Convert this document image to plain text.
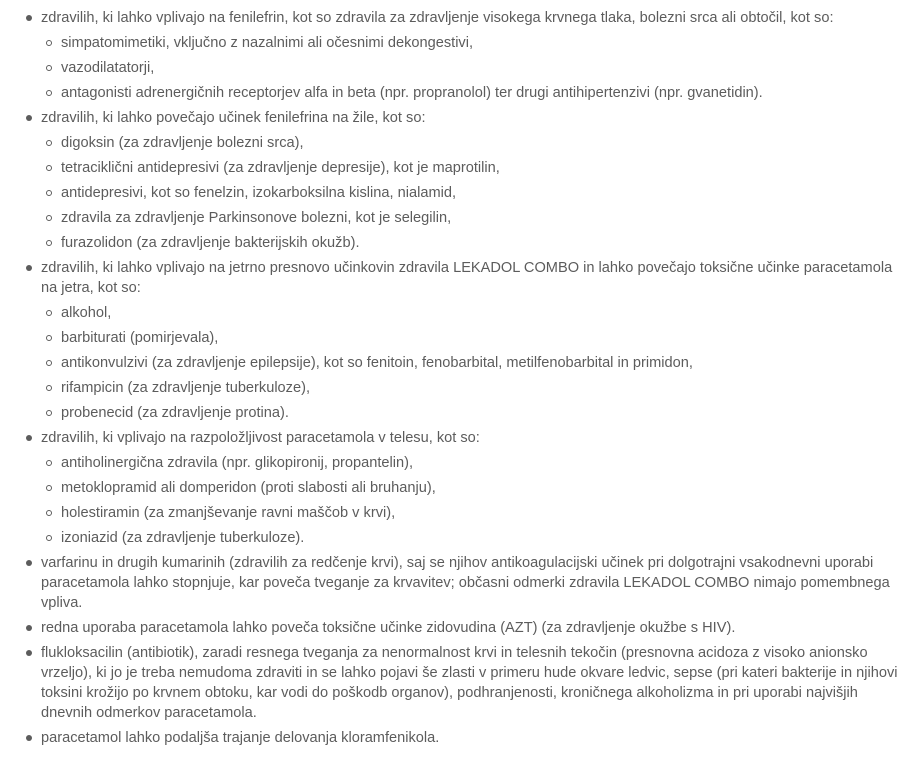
zdravilih, ki lahko vplivajo na fenilefrin, kot so zdravila za zdravljenje visokega krvnega tlaka, bolezni srca ali obtočil, kot so:
simpatomimetiki, vključno z nazalnimi ali očesnimi dekongestivi,
vazodilatatorji,
antagonisti adrenergičnih receptorjev alfa in beta (npr. propranolol) ter drugi antihipertenzivi (npr. gvanetidin).
zdravilih, ki lahko povečajo učinek fenilefrina na žile, kot so:
digoksin (za zdravljenje bolezni srca),
tetraciklični antidepresivi (za zdravljenje depresije), kot je maprotilin,
antidepresivi, kot so fenelzin, izokarboksilna kislina, nialamid,
zdravila za zdravljenje Parkinsonove bolezni, kot je selegilin,
furazolidon (za zdravljenje bakterijskih okužb).
zdravilih, ki lahko vplivajo na jetrno presnovo učinkovin zdravila LEKADOL COMBO in lahko povečajo toksične učinke paracetamola na jetra, kot so:
alkohol,
barbiturati (pomirjevala),
antikonvulzivi (za zdravljenje epilepsije), kot so fenitoin, fenobarbital, metilfenobarbital in primidon,
rifampicin (za zdravljenje tuberkuloze),
probenecid (za zdravljenje protina).
zdravilih, ki vplivajo na razpoložljivost paracetamola v telesu, kot so:
antiholinergična zdravila (npr. glikopironij, propantelin),
metoklopramid ali domperidon (proti slabosti ali bruhanju),
holestiramin (za zmanjševanje ravni maščob v krvi),
izoniazid (za zdravljenje tuberkuloze).
varfarinu in drugih kumarinih (zdravilih za redčenje krvi), saj se njihov antikoagulacijski učinek pri dolgotrajni vsakodnevni uporabi paracetamola lahko stopnjuje, kar poveča tveganje za krvavitev; občasni odmerki zdravila LEKADOL COMBO nimajo pomembnega vpliva.
redna uporaba paracetamola lahko poveča toksične učinke zidovudina (AZT) (za zdravljenje okužbe s HIV).
flukloksacilin (antibiotik), zaradi resnega tveganja za nenormalnost krvi in telesnih tekočin (presnovna acidoza z visoko anionsko vrzeljo), ki jo je treba nemudoma zdraviti in se lahko pojavi še zlasti v primeru hude okvare ledvic, sepse (pri kateri bakterije in njihovi toksini krožijo po krvnem obtoku, kar vodi do poškodb organov), podhranjenosti, kroničnega alkoholizma in pri uporabi najvišjih dnevnih odmerkov paracetamola.
paracetamol lahko podaljša trajanje delovanja kloramfenikola.
